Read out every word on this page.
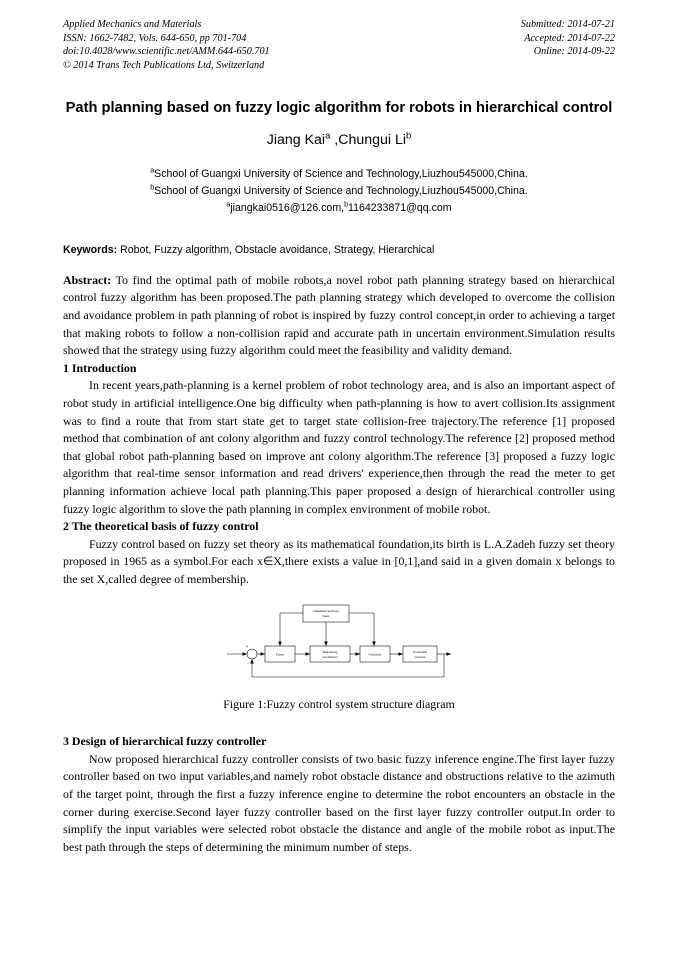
Applied Mechanics and Materials
ISSN: 1662-7482, Vols. 644-650, pp 701-704
doi:10.4028/www.scientific.net/AMM.644-650.701
© 2014 Trans Tech Publications Ltd, Switzerland
Submitted: 2014-07-21
Accepted: 2014-07-22
Online: 2014-09-22
Path planning based on fuzzy logic algorithm for robots in hierarchical control
Jiang Kai$^a$ ,Chungui Li$^b$
$^a$School of Guangxi University of Science and Technology,Liuzhou545000,China.
$^b$School of Guangxi University of Science and Technology,Liuzhou545000,China.
$^a$jiangkai0516@126.com,$^b$1164233871@qq.com
Keywords: Robot, Fuzzy algorithm, Obstacle avoidance, Strategy, Hierarchical
Abstract: To find the optimal path of mobile robots,a novel robot path planning strategy based on hierarchical control fuzzy algorithm has been proposed.The path planning strategy which developed to overcome the collision and avoidance problem in path planning of robot is inspired by fuzzy control concept,in order to achieving a target that making robots to follow a non-collision rapid and accurate path in uncertain environment.Simulation results showed that the strategy using fuzzy algorithm could meet the feasibility and validity demand.
1 Introduction
In recent years,path-planning is a kernel problem of robot technology area, and is also an important aspect of robot study in artificial intelligence.One big difficulty when path-planning is how to avert collision.Its assignment was to find a route that from start state get to target state collision-free trajectory.The reference [1] proposed method that combination of ant colony algorithm and fuzzy control technology.The reference [2] proposed method that global robot path-planning based on improve ant colony algorithm.The reference [3] proposed a fuzzy logic algorithm that real-time sensor information and read drivers' experience,then through the read the meter to get planning information achieve local path planning.This paper proposed a design of hierarchical controller using fuzzy logic algorithm to slove the path planning in complex environment of mobile robot.
2 The theoretical basis of fuzzy control
Fuzzy control based on fuzzy set theory as its mathematical foundation,its birth is L.A.Zadeh fuzzy set theory proposed in 1965 as a symbol.For each x∈X,there exists a value in [0,1],and said in a given domain x belongs to the set X,called degree of membership.
Database and rule
base
Fuzzy
Reasoning
mechanism
Precision
Controlled
process
+
-
Figure 1:Fuzzy control system structure diagram
3 Design of hierarchical fuzzy controller
Now proposed hierarchical fuzzy controller consists of two basic fuzzy inference engine.The first layer fuzzy controller based on two input variables,and namely robot obstacle distance and obstructions relative to the azimuth of the target point, through the first a fuzzy inference engine to determine the robot encounters an obstacle in the corner during exercise.Second layer fuzzy controller based on the first layer fuzzy controller output.In order to simplify the input variables were selected robot obstacle the distance and angle of the mobile robot as input.The best path through the steps of determining the minimum number of steps.
